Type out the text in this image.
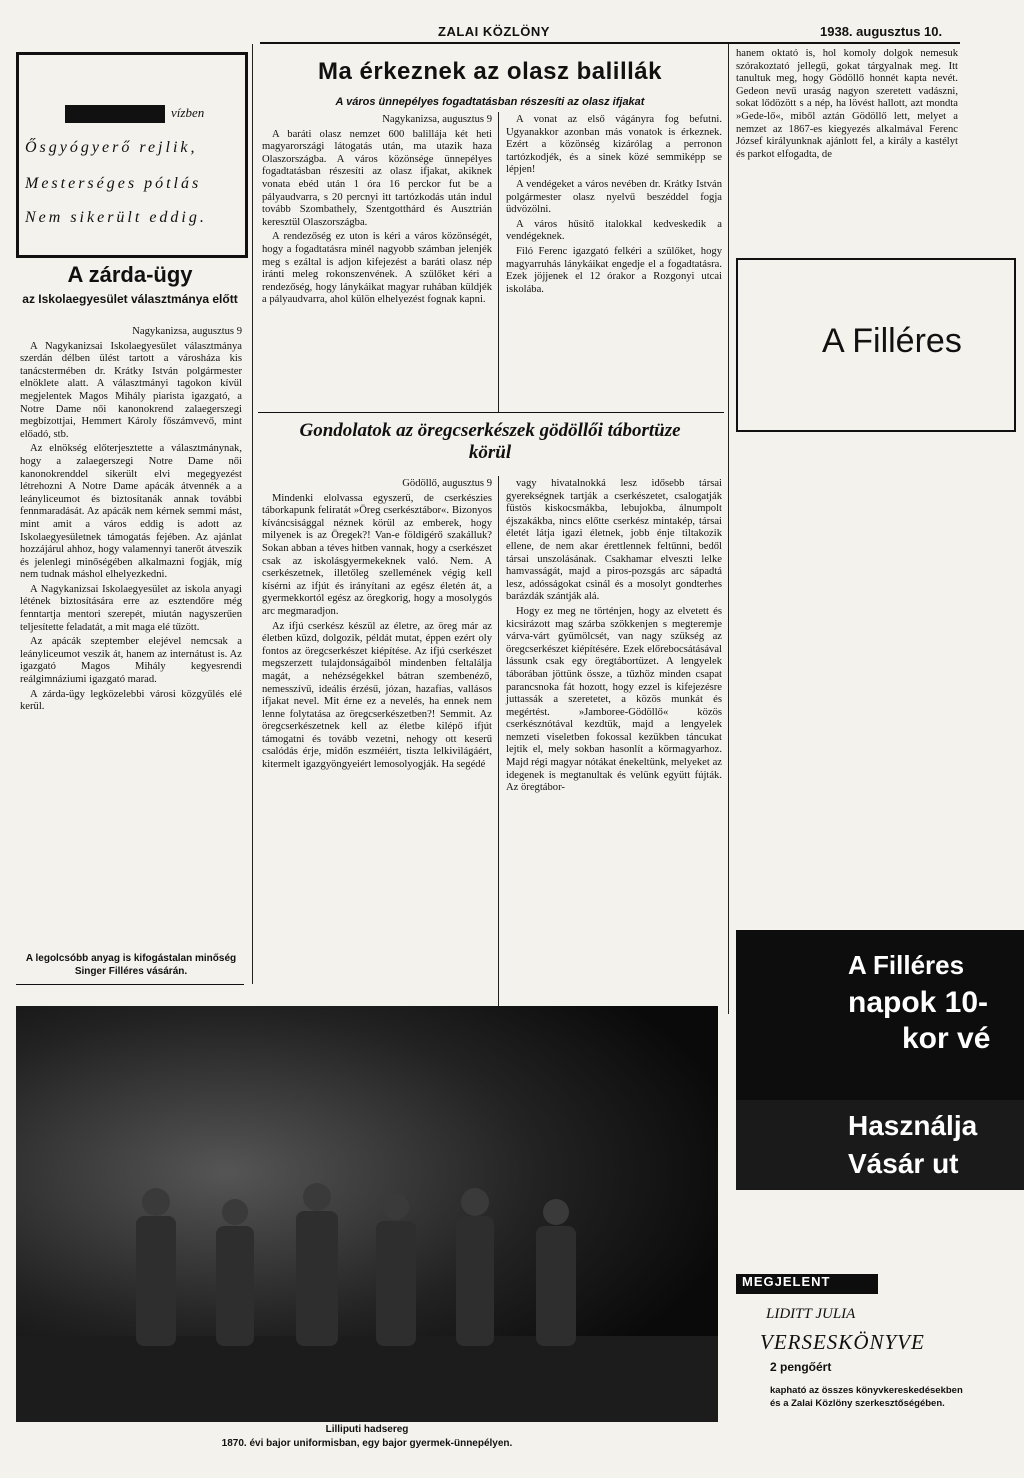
ZALAI KÖZLÖNY	1938. augusztus 10.
vízben
Ősgyógyerő rejlik,
Mesterséges pótlás
Nem sikerült eddig.
A zárda-ügy
az Iskolaegyesület választmánya előtt

Nagykanizsa, augusztus 9

A Nagykanizsai Iskolaegyesület választmánya szerdán délben ülést tartott a városháza kis tanácstermében dr. Krátky István polgármester elnöklete alatt. A választmányi tagokon kívül megjelentek Magos Mihály piarista igazgató, a Notre Dame női kanonokrend zalaegerszegi megbízottjai, Hemmert Károly főszámvevő, mint előadó, stb.

Az elnökség előterjesztette a választmánynak, hogy a zalaegerszegi Notre Dame női kanonokrenddel sikerült elvi megegyezést létrehozni A Notre Dame apácák átvennék a a leányliceumot és biztosítanák annak további fennmaradását. Az apácák nem kérnek semmi mást, mint amit a város eddig is adott az Iskolaegyesületnek támogatás fejében. Az ajánlat hozzájárul ahhoz, hogy valamennyi tanerőt átveszik és jelenlegi minőségében alkalmazni fogják, míg nem tudnak máshol elhelyezkedni.

A Nagykanizsai Iskolaegyesület az iskola anyagi létének biztosítására erre az esztendőre még fenntartja mentori szerepét, miután nagyszerűen teljesítette feladatát, a mit maga elé tűzött.

Az apácák szeptember elejével nemcsak a leányliceumot veszik át, hanem az internátust is. Az igazgató Magos Mihály kegyesrendi reálgimnáziumi igazgató marad.

A zárda-ügy legközelebbi városi közgyűlés elé kerül.

A legolcsóbb anyag is kifogástalan minőség Singer Filléres vásárán.
Ma érkeznek az olasz balillák
A város ünnepélyes fogadtatásban részesíti az olasz ifjakat

Nagykanizsa, augusztus 9

A baráti olasz nemzet 600 balillája két heti magyarországi látogatás után, ma utazik haza Olaszországba. A város közönsége ünnepélyes fogadtatásban részesíti az olasz ifjakat, akiknek vonata ebéd után 1 óra 16 perckor fut be a pályaudvarra, s 20 percnyi itt tartózkodás után indul tovább Szombathely, Szentgotthárd és Ausztrián keresztül Olaszországba.

A rendezőség ez uton is kéri a város közönségét, hogy a fogadtatásra minél nagyobb számban jelenjék meg s ezáltal is adjon kifejezést a baráti olasz nép iránti meleg rokonszenvének. A szülőket kéri a rendezőség, hogy lánykáikat magyar ruhában küldjék a pályaudvarra, ahol külön elhelyezést fognak kapni.

A vonat az első vágányra fog befutni. Ugyanakkor azonban más vonatok is érkeznek. Ezért a közönség kizárólag a perronon tartózkodjék, és a sinek közé semmiképp se lépjen!

A vendégeket a város nevében dr. Krátky István polgármester olasz nyelvű beszéddel fogja üdvözölni.

A város hűsítő italokkal kedveskedik a vendégeknek.

Filó Ferenc igazgató felkéri a szülőket, hogy magyarruhás lánykáikat engedje el a fogadtatásra. Ezek jöjjenek el 12 órakor a Rozgonyi utcai iskolába.

Gondolatok az öregcserkészek gödöllői tábortüze körül

Gödöllő, augusztus 9

Mindenki elolvassa egyszerű, de cserkészies táborkapunk feliratát »Öreg cserkésztábor«. Bizonyos kíváncsisággal néznek körül az emberek, hogy milyenek is az Öregek?! Van-e földigérő szakálluk? Sokan abban a téves hitben vannak, hogy a cserkészet csak az iskolásgyermekeknek való. Nem. A cserkészetnek, illetőleg szellemének végig kell kísérni az ifjút és irányítani az egész életén át, a gyermekkortól egész az öregkorig, hogy a mosolygós arc megmaradjon.

Az ifjú cserkész készül az életre, az öreg már az életben küzd, dolgozik, példát mutat, éppen ezért oly fontos az öregcserkészet kiépítése. Az ifjú cserkészet megszerzett tulajdonságaiból mindenben feltalálja magát, a nehézségekkel bátran szembenéző, nemesszívű, ideális érzésű, józan, hazafias, vallásos ifjakat nevel. Mit érne ez a nevelés, ha ennek nem lenne folytatása az öregcserkészetben?! Semmit. Az öregcserkészetnek kell az életbe kilépő ifjút támogatni és tovább vezetni, nehogy ott keserű csalódás érje, midőn eszméiért, tiszta lelkivilágáért, kitermelt igazgyöngyeiért lemosolyogják. Ha segédé

vagy hivatalnokká lesz idősebb társai gyerekségnek tartják a cserkészetet, csalogatják füstös kiskocsmákba, lebujokba, álnumpolt éjszakákba, nincs előtte cserkész mintakép, társai életét látja igazi életnek, jobb énje tiltakozik ellene, de nem akar érettlennek feltűnni, bedől társai unszolásának. Csakhamar elveszti lelke hamvasságát, majd a piros-pozsgás arc sápadtá lesz, adósságokat csinál és a mosolyt gondterhes barázdák szántják alá.

Hogy ez meg ne történjen, hogy az elvetett és kicsirázott mag szárba szökkenjen s megteremje várva-várt gyümölcsét, van nagy szükség az öregcserkészet kiépítésére. Ezek előrebocsátásával lássunk csak egy öregtábortüzet. A lengyelek táborában jöttünk össze, a tűzhöz minden csapat parancsnoka fát hozott, hogy ezzel is kifejezésre juttassák a szeretetet, a közös munkát és megértést. »Jamboree-Gödöllő« közös cserkésznótával kezdtük, majd a lengyelek nemzeti viseletben fokossal kezükben táncukat lejtik el, mely sokban hasonlít a körmagyarhoz. Majd régi magyar nótákat énekeltünk, melyeket az idegenek is megtanultak és velünk együtt fújták. Az öregtábor-

hanem oktató is, hol komoly dolgok nemesuk szórakoztató jellegű, gokat tárgyalnak meg. Itt tanultuk meg, hogy Gödöllő honnét kapta nevét. Gedeon nevű uraság nagyon szeretett vadászni, sokat lődözött s a nép, ha lövést hallott, azt mondta »Gede-lő«, miből aztán Gödöllő lett, melyet a nemzet az 1867-es kiegyezés alkalmával Ferenc József királyunknak ajánlott fel, a király a kastélyt és parkot elfogadta, de

A Filléres
A Filléres
napok 10-
kor vé
Használja
Vásár ut
MEGJELENT
LIDITT JULIA
VERSESKÖNYVE
2 pengőért
kapható az összes könyvkereskedésekben és a Zalai Közlöny szerkesztőségében.
Lilliputi hadsereg
1870. évi bajor uniformisban, egy bajor gyermek-ünnepélyen.
